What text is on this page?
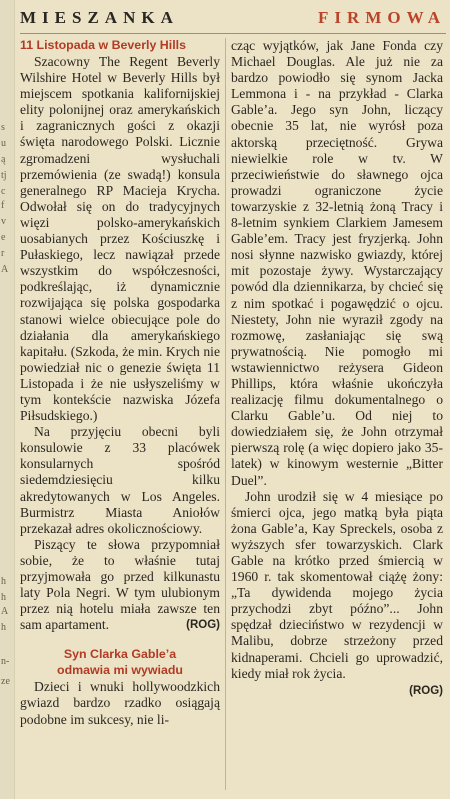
s
u
ą
tj
c
f
v
e
r
A
h
h
A
h
n-
ze
MIESZANKA	FIRMOWA
11 Listopada w Beverly Hills

Szacowny The Regent Beverly Wilshire Hotel w Beverly Hills był miejscem spotkania kalifornijskiej elity polonijnej oraz amerykańskich i zagranicznych gości z okazji święta narodowego Polski. Licznie zgromadzeni wysłuchali przemówienia (ze swadą!) konsula generalnego RP Macieja Krycha. Odwołał się on do tradycyjnych więzi polsko-amerykańskich uosabianych przez Kościuszkę i Pułaskiego, lecz nawiązał przede wszystkim do współczesności, podkreślając, iż dynamicznie rozwijająca się polska gospodarka stanowi wielce obiecujące pole do działania dla amerykańskiego kapitału. (Szkoda, że min. Krych nie powiedział nic o genezie święta 11 Listopada i że nie usłyszeliśmy w tym kontekście nazwiska Józefa Piłsudskiego.)

Na przyjęciu obecni byli konsulowie z 33 placówek konsularnych spośród siedemdziesięciu kilku akredytowanych w Los Angeles. Burmistrz Miasta Aniołów przekazał adres okolicznościowy.

Piszący te słowa przypomniał sobie, że to właśnie tutaj przyjmowała go przed kilkunastu laty Pola Negri. W tym ulubionym przez nią hotelu miała zawsze ten sam apartament.	(ROG)

Syn Clarka Gable’a
odmawia mi wywiadu

Dzieci i wnuki hollywoodzkich gwiazd bardzo rzadko osiągają podobne im sukcesy, nie li-

cząc wyjątków, jak Jane Fonda czy Michael Douglas. Ale już nie za bardzo powiodło się synom Jacka Lemmona i - na przykład - Clarka Gable’a. Jego syn John, liczący obecnie 35 lat, nie wyrósł poza aktorską przeciętność. Grywa niewielkie role w tv. W przeciwieństwie do sławnego ojca prowadzi ograniczone życie towarzyskie z 32-letnią żoną Tracy i 8-letnim synkiem Clarkiem Jamesem Gable’em. Tracy jest fryzjerką. John nosi słynne nazwisko gwiazdy, której mit pozostaje żywy. Wystarczający powód dla dziennikarza, by chcieć się z nim spotkać i pogawędzić o ojcu. Niestety, John nie wyraził zgody na rozmowę, zasłaniając się swą prywatnością. Nie pomogło mi wstawiennictwo reżysera Gideon Phillips, która właśnie ukończyła realizację filmu dokumentalnego o Clarku Gable’u. Od niej to dowiedziałem się, że John otrzymał pierwszą rolę (a więc dopiero jako 35-latek) w kinowym westernie „Bitter Duel”.

John urodził się w 4 miesiące po śmierci ojca, jego matką była piąta żona Gable’a, Kay Spreckels, osoba z wyższych sfer towarzyskich. Clark Gable na krótko przed śmiercią w 1960 r. tak skomentował ciążę żony: „Ta dywidenda mojego życia przychodzi zbyt późno”... John spędzał dzieciństwo w rezydencji w Malibu, dobrze strzeżony przed kidnaperami. Chcieli go uprowadzić, kiedy miał rok życia.

(ROG)
